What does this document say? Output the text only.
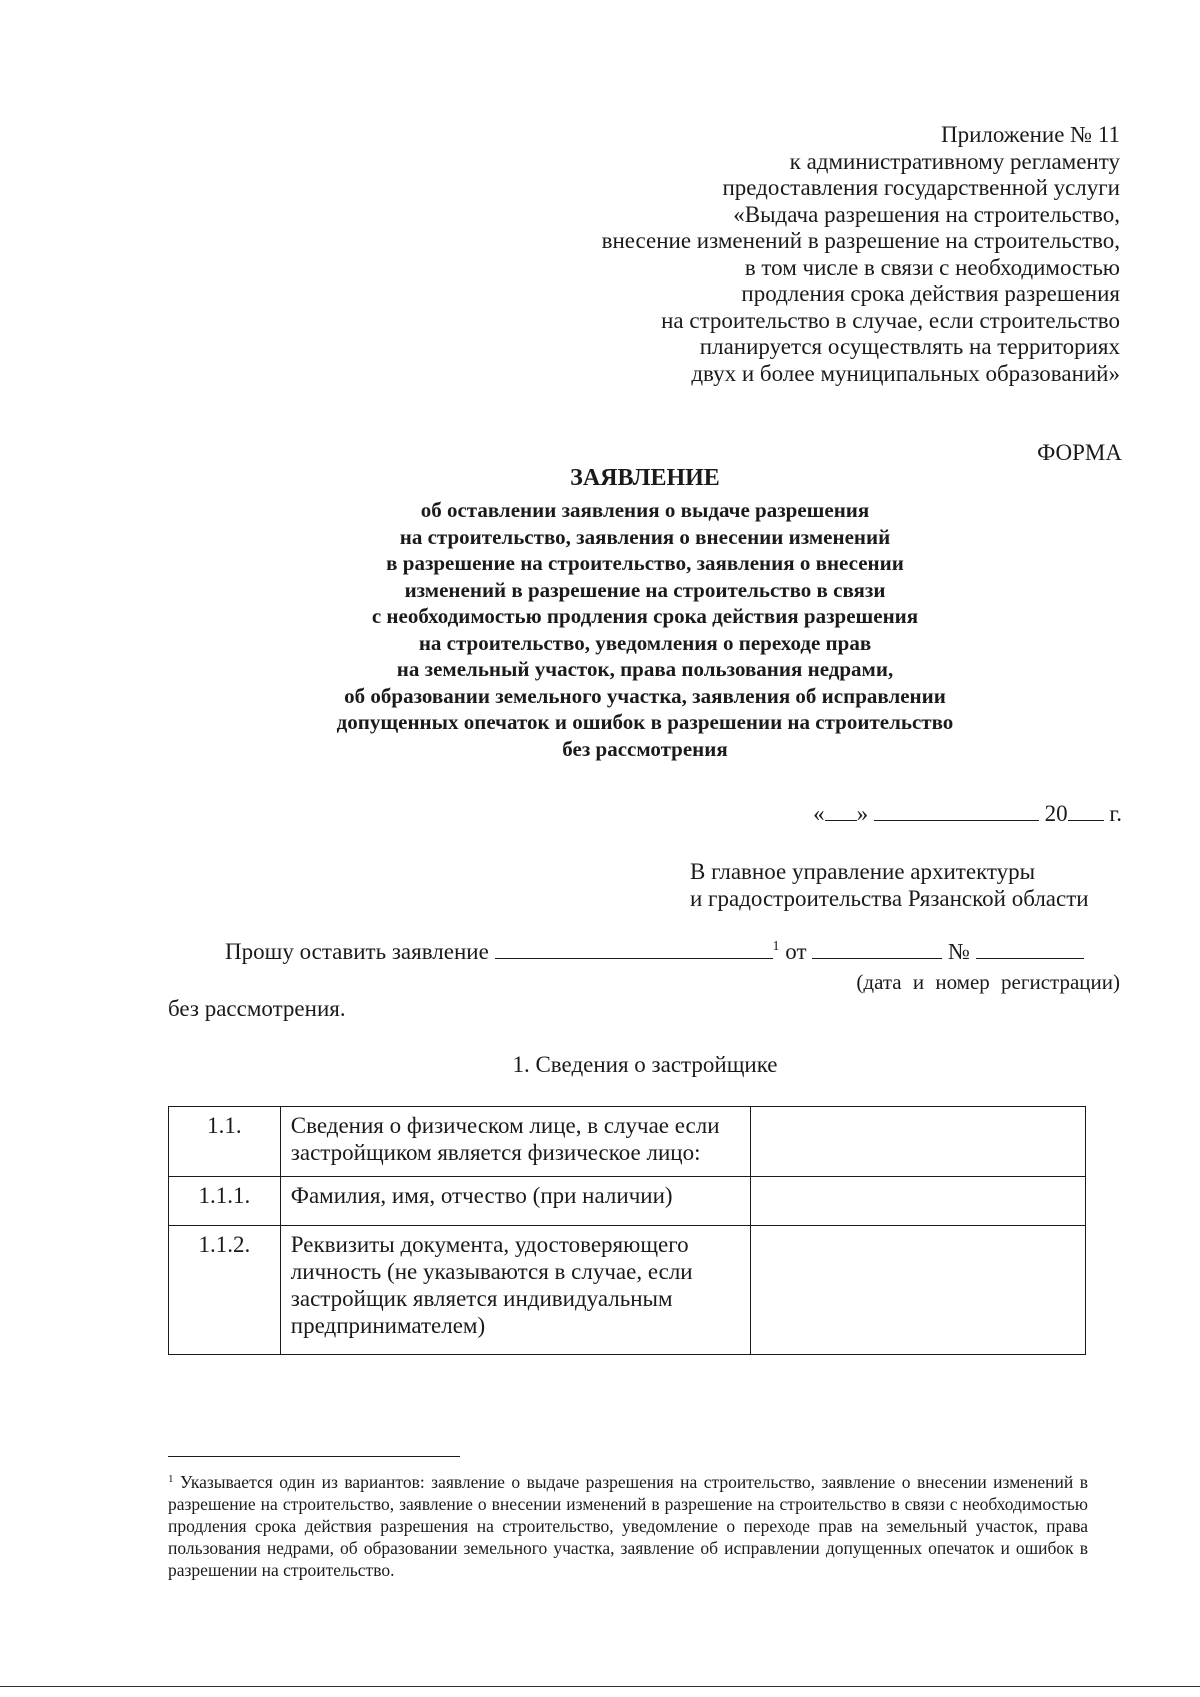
Приложение № 11
к административному регламенту
предоставления государственной услуги
«Выдача разрешения на строительство,
внесение изменений в разрешение на строительство,
в том числе в связи с необходимостью
продления срока действия разрешения
на строительство в случае, если строительство
планируется осуществлять на территориях
двух и более муниципальных образований»
ФОРМА
ЗАЯВЛЕНИЕ
об оставлении заявления о выдаче разрешения
на строительство, заявления о внесении изменений
в разрешение на строительство, заявления о внесении
изменений в разрешение на строительство в связи
с необходимостью продления срока действия разрешения
на строительство, уведомления о переходе прав
на земельный участок, права пользования недрами,
об образовании земельного участка, заявления об исправлении
допущенных опечаток и ошибок в разрешении на строительство
без рассмотрения
« »	20 г.
В главное управление архитектуры
и градостроительства Рязанской области
Прошу оставить заявление	$^1$ от	№
(дата и номер регистрации)
без рассмотрения.
1. Сведения о застройщике
1.1.	Сведения о физическом лице, в случае если застройщиком является физическое лицо:	
1.1.1.	Фамилия, имя, отчество (при наличии)	
1.1.2.	Реквизиты документа, удостоверяющего личность (не указываются в случае, если застройщик является индивидуальным предпринимателем)	
$^1$ Указывается один из вариантов: заявление о выдаче разрешения на строительство, заявление о внесении изменений в разрешение на строительство, заявление о внесении изменений в разрешение на строительство в связи с необходимостью продления срока действия разрешения на строительство, уведомление о переходе прав на земельный участок, права пользования недрами, об образовании земельного участка, заявление об исправлении допущенных опечаток и ошибок в разрешении на строительство.
